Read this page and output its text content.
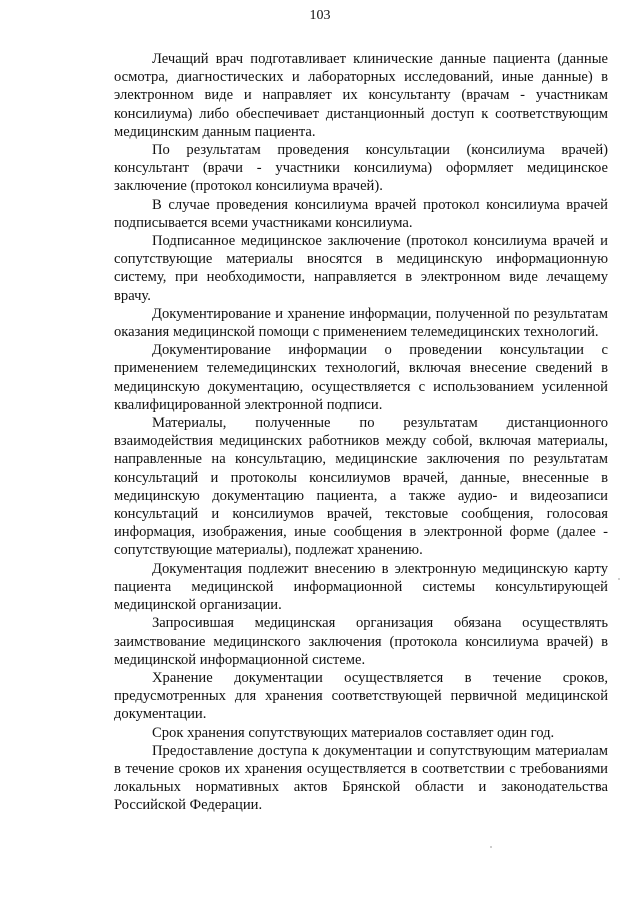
103

Лечащий врач подготавливает клинические данные пациента (данные осмотра, диагностических и лабораторных исследований, иные данные) в электронном виде и направляет их консультанту (врачам - участникам консилиума) либо обеспечивает дистанционный доступ к соответствующим медицинским данным пациента.

По результатам проведения консультации (консилиума врачей) консультант (врачи - участники консилиума) оформляет медицинское заключение (протокол консилиума врачей).

В случае проведения консилиума врачей протокол консилиума врачей подписывается всеми участниками консилиума.

Подписанное медицинское заключение (протокол консилиума врачей и сопутствующие материалы вносятся в медицинскую информационную систему, при необходимости, направляется в электронном виде лечащему врачу.

Документирование и хранение информации, полученной по результатам оказания медицинской помощи с применением телемедицинских технологий.

Документирование информации о проведении консультации с применением телемедицинских технологий, включая внесение сведений в медицинскую документацию, осуществляется с использованием усиленной квалифицированной электронной подписи.

Материалы, полученные по результатам дистанционного взаимодействия медицинских работников между собой, включая материалы, направленные на консультацию, медицинские заключения по результатам консультаций и протоколы консилиумов врачей, данные, внесенные в медицинскую документацию пациента, а также аудио- и видеозаписи консультаций и консилиумов врачей, текстовые сообщения, голосовая информация, изображения, иные сообщения в электронной форме (далее - сопутствующие материалы), подлежат хранению.

Документация подлежит внесению в электронную медицинскую карту пациента медицинской информационной системы консультирующей медицинской организации.

Запросившая медицинская организация обязана осуществлять заимствование медицинского заключения (протокола консилиума врачей) в медицинской информационной системе.

Хранение документации осуществляется в течение сроков, предусмотренных для хранения соответствующей первичной медицинской документации.

Срок хранения сопутствующих материалов составляет один год.

Предоставление доступа к документации и сопутствующим материалам в течение сроков их хранения осуществляется в соответствии с требованиями локальных нормативных актов Брянской области и законодательства Российской Федерации.
